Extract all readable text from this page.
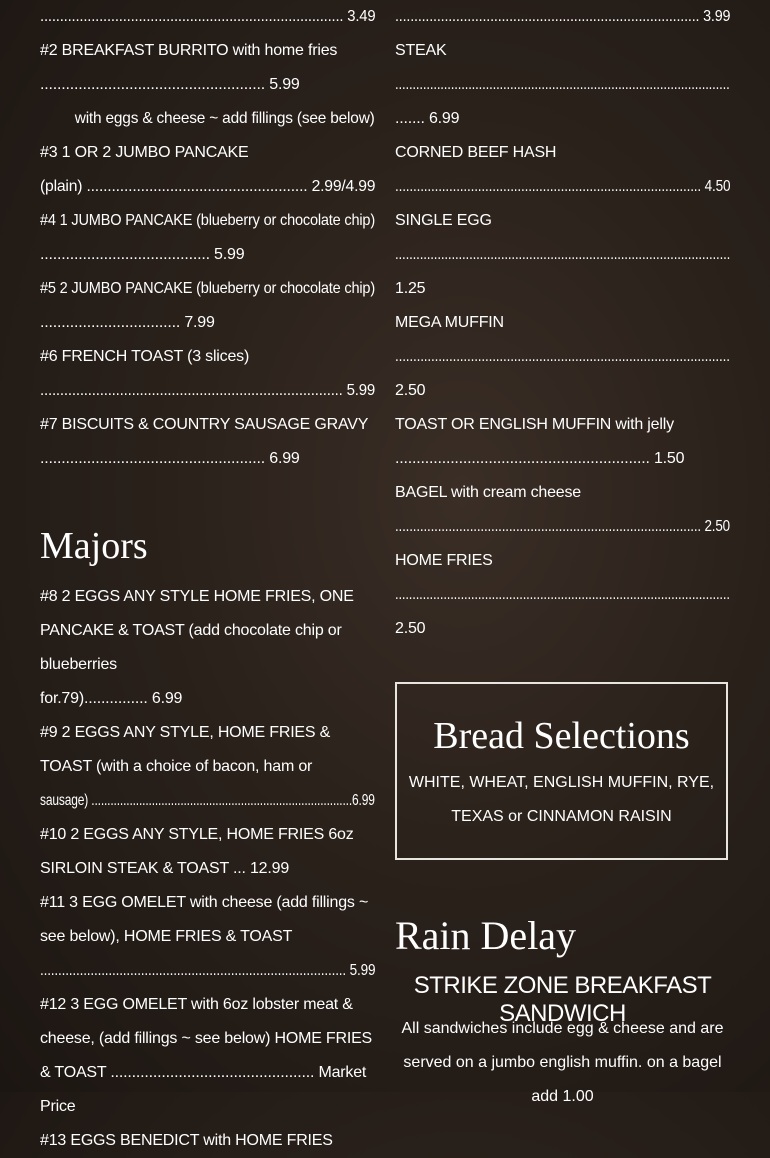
............................................................................. 3.49
#2 BREAKFAST BURRITO with home fries
..................................................... 5.99
with eggs & cheese ~ add fillings (see below)
#3 1 OR 2 JUMBO PANCAKE
(plain) ..................................................... 2.99/4.99
#4 1 JUMBO PANCAKE (blueberry or chocolate chip)
........................................ 5.99
#5 2 JUMBO PANCAKE (blueberry or chocolate chip)
................................. 7.99
#6 FRENCH TOAST (3 slices)
............................................................................ 5.99
#7 BISCUITS & COUNTRY SAUSAGE GRAVY
..................................................... 6.99
Majors
#8 2 EGGS ANY STYLE HOME FRIES, ONE PANCAKE & TOAST (add chocolate chip or blueberries
for.79)............... 6.99
#9 2 EGGS ANY STYLE, HOME FRIES & TOAST (with a choice of bacon, ham or
sausage) ..................................................................................6.99
#10 2 EGGS ANY STYLE, HOME FRIES 6oz SIRLOIN STEAK & TOAST ... 12.99
#11 3 EGG OMELET with cheese (add fillings ~ see below), HOME FRIES & TOAST
..................................................................................... 5.99
#12 3 EGG OMELET with 6oz lobster meat & cheese, (add fillings ~ see below) HOME FRIES & TOAST ................................................ Market Price
#13 EGGS BENEDICT with HOME FRIES
................................................................................ 3.99
STEAK
................................................................................................
....... 6.99
CORNED BEEF HASH
..................................................................................... 4.50
SINGLE EGG
...............................................................................................
1.25
MEGA MUFFIN
.............................................................................................
2.50
TOAST OR ENGLISH MUFFIN with jelly
............................................................ 1.50
BAGEL with cream cheese
...................................................................................... 2.50
HOME FRIES
.................................................................................................
2.50
Bread Selections
WHITE, WHEAT, ENGLISH MUFFIN, RYE,
TEXAS or CINNAMON RAISIN
Rain Delay
STRIKE ZONE BREAKFAST SANDWICH
All sandwiches include egg & cheese and are served on a jumbo english muffin. on a bagel add 1.00
